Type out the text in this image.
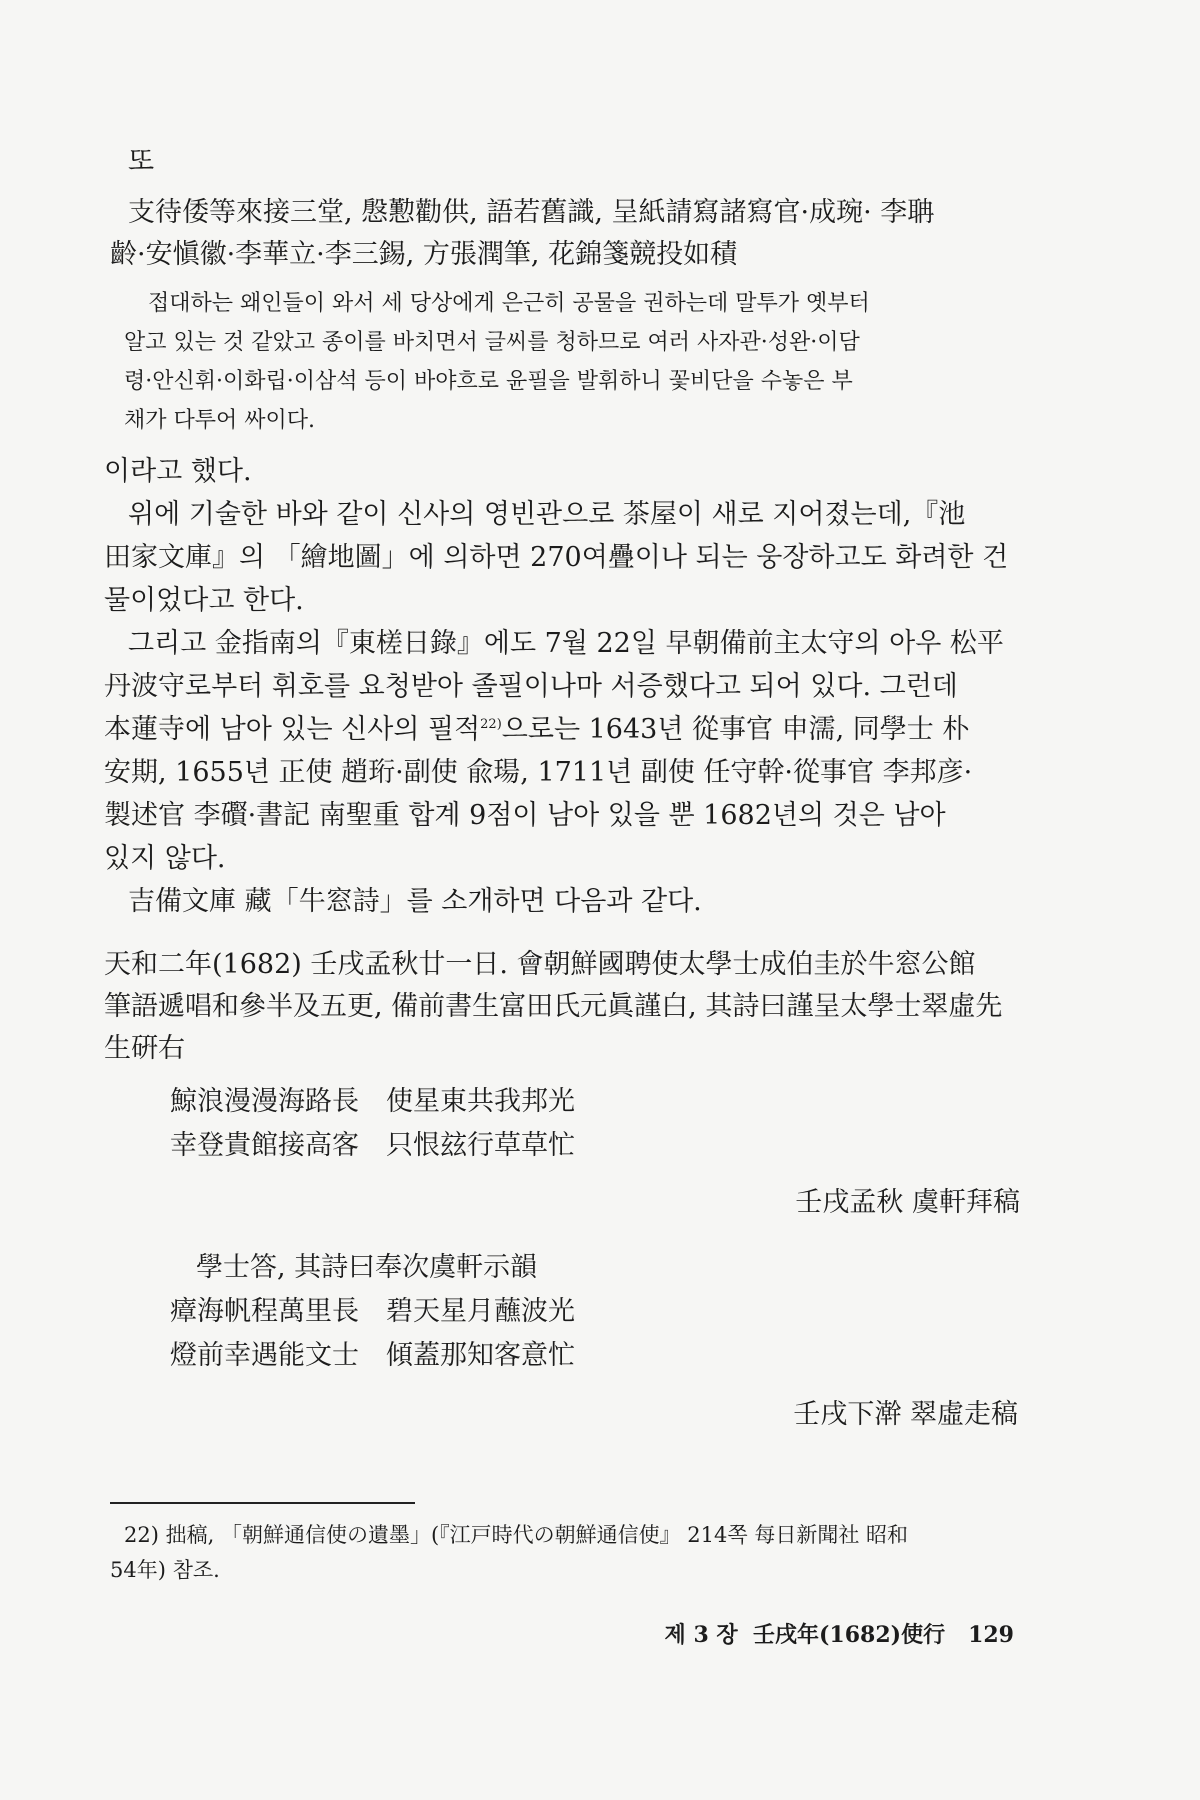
또
支待倭等來接三堂, 慇懃勸供, 語若舊識, 呈紙請寫諸寫官·成琬· 李聃
齡·安愼徽·李華立·李三錫, 方張潤筆, 花錦箋競投如積
접대하는 왜인들이 와서 세 당상에게 은근히 공물을 권하는데 말투가 옛부터
알고 있는 것 같았고 종이를 바치면서 글씨를 청하므로 여러 사자관·성완·이담
령·안신휘·이화립·이삼석 등이 바야흐로 윤필을 발휘하니 꽃비단을 수놓은 부
채가 다투어 싸이다.
이라고 했다.
위에 기술한 바와 같이 신사의 영빈관으로 茶屋이 새로 지어졌는데,『池
田家文庫』의 「繪地圖」에 의하면 270여疊이나 되는 웅장하고도 화려한 건
물이었다고 한다.
그리고 金指南의『東槎日錄』에도 7월 22일 早朝備前主太守의 아우 松平
丹波守로부터 휘호를 요청받아 졸필이나마 서증했다고 되어 있다. 그런데
本蓮寺에 남아 있는 신사의 필적$^{22)}$으로는 1643년 從事官 申濡, 同學士 朴
安期, 1655년 正使 趙珩·副使 兪瑒, 1711년 副使 任守幹·從事官 李邦彦·
製述官 李礥·書記 南聖重 합계 9점이 남아 있을 뿐 1682년의 것은 남아
있지 않다.
吉備文庫 藏「牛窓詩」를 소개하면 다음과 같다.
天和二年(1682) 壬戌孟秋廿一日. 會朝鮮國聘使太學士成伯圭於牛窓公館
筆語遞唱和參半及五更, 備前書生富田氏元眞謹白, 其詩曰謹呈太學士翠虛先
生硏右
鯨浪漫漫海路長　使星東共我邦光
幸登貴館接高客　只恨玆行草草忙
壬戌孟秋 虞軒拜稿
學士答, 其詩曰奉次虞軒示韻
瘴海帆程萬里長　碧天星月蘸波光
燈前幸遇能文士　傾蓋那知客意忙
壬戌下澣 翠虛走稿
22) 拙稿, 「朝鮮通信使の遺墨」(『江戸時代の朝鮮通信使』 214쪽 每日新聞社 昭和
54年) 참조.
제 3 장 壬戌年(1682)使行 129
